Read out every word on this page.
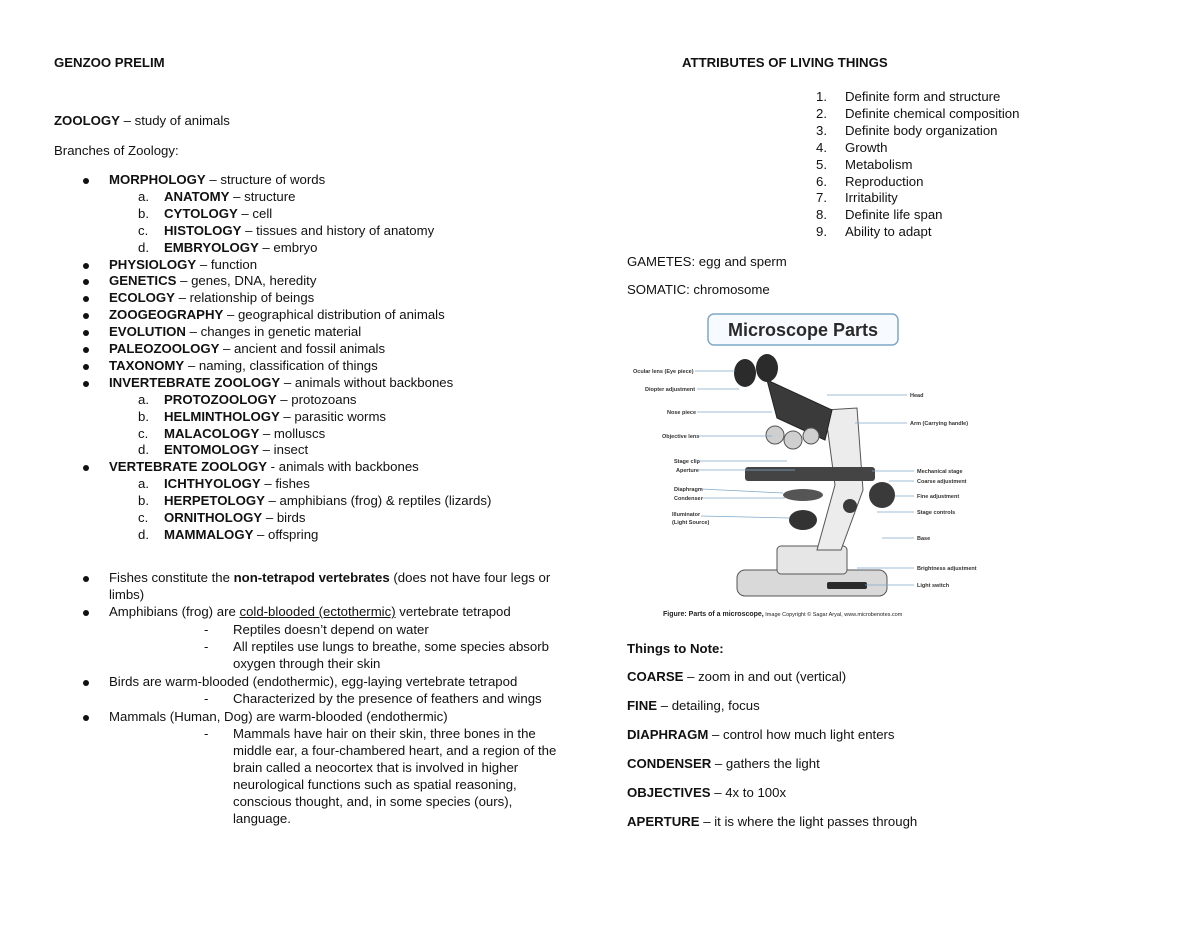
GENZOO PRELIM
ZOOLOGY – study of animals
Branches of Zoology:
Fishes constitute the non-tetrapod vertebrates (does not have four legs or limbs)
Amphibians (frog) are cold-blooded (ectothermic) vertebrate tetrapod
- Reptiles doesn’t depend on water
- All reptiles use lungs to breathe, some species absorb oxygen through their skin
Birds are warm-blooded (endothermic), egg-laying vertebrate tetrapod
- Characterized by the presence of feathers and wings
Mammals (Human, Dog) are warm-blooded (endothermic)
- Mammals have hair on their skin, three bones in the middle ear, a four-chambered heart, and a region of the brain called a neocortex that is involved in higher neurological functions such as spatial reasoning, conscious thought, and, in some species (ours), language.
ATTRIBUTES OF LIVING THINGS
GAMETES: egg and sperm
SOMATIC: chromosome
Microscope Parts
Ocular lens (Eye piece)
Diopter adjustment
Nose piece
Objective lens
Stage clip
Aperture
Diaphragm
Condenser
Illuminator
(Light Source)
Head
Arm (Carrying handle)
Mechanical stage
Coarse adjustment
Fine adjustment
Stage controls
Base
Brightness adjustment
Light switch
Figure: Parts of a microscope, Image Copyright © Sagar Aryal, www.microbenotes.com
Things to Note:
MORPHOLOGY – structure of words
a. ANATOMY – structure
b. CYTOLOGY – cell
c. HISTOLOGY – tissues and history of anatomy
d. EMBRYOLOGY – embryo
PHYSIOLOGY – function
GENETICS – genes, DNA, heredity
ECOLOGY – relationship of beings
ZOOGEOGRAPHY – geographical distribution of animals
EVOLUTION – changes in genetic material
PALEOZOOLOGY – ancient and fossil animals
TAXONOMY – naming, classification of things
INVERTEBRATE ZOOLOGY – animals without backbones
a. PROTOZOOLOGY – protozoans
b. HELMINTHOLOGY – parasitic worms
c. MALACOLOGY – molluscs
d. ENTOMOLOGY – insect
VERTEBRATE ZOOLOGY - animals with backbones
a. ICHTHYOLOGY – fishes
b. HERPETOLOGY – amphibians (frog) & reptiles (lizards)
c. ORNITHOLOGY – birds
d. MAMMALOGY – offspring
1. Definite form and structure
2. Definite chemical composition
3. Definite body organization
4. Growth
5. Metabolism
6. Reproduction
7. Irritability
8. Definite life span
9. Ability to adapt
COARSE – zoom in and out (vertical)
FINE – detailing, focus
DIAPHRAGM – control how much light enters
CONDENSER – gathers the light
OBJECTIVES – 4x to 100x
APERTURE – it is where the light passes through
